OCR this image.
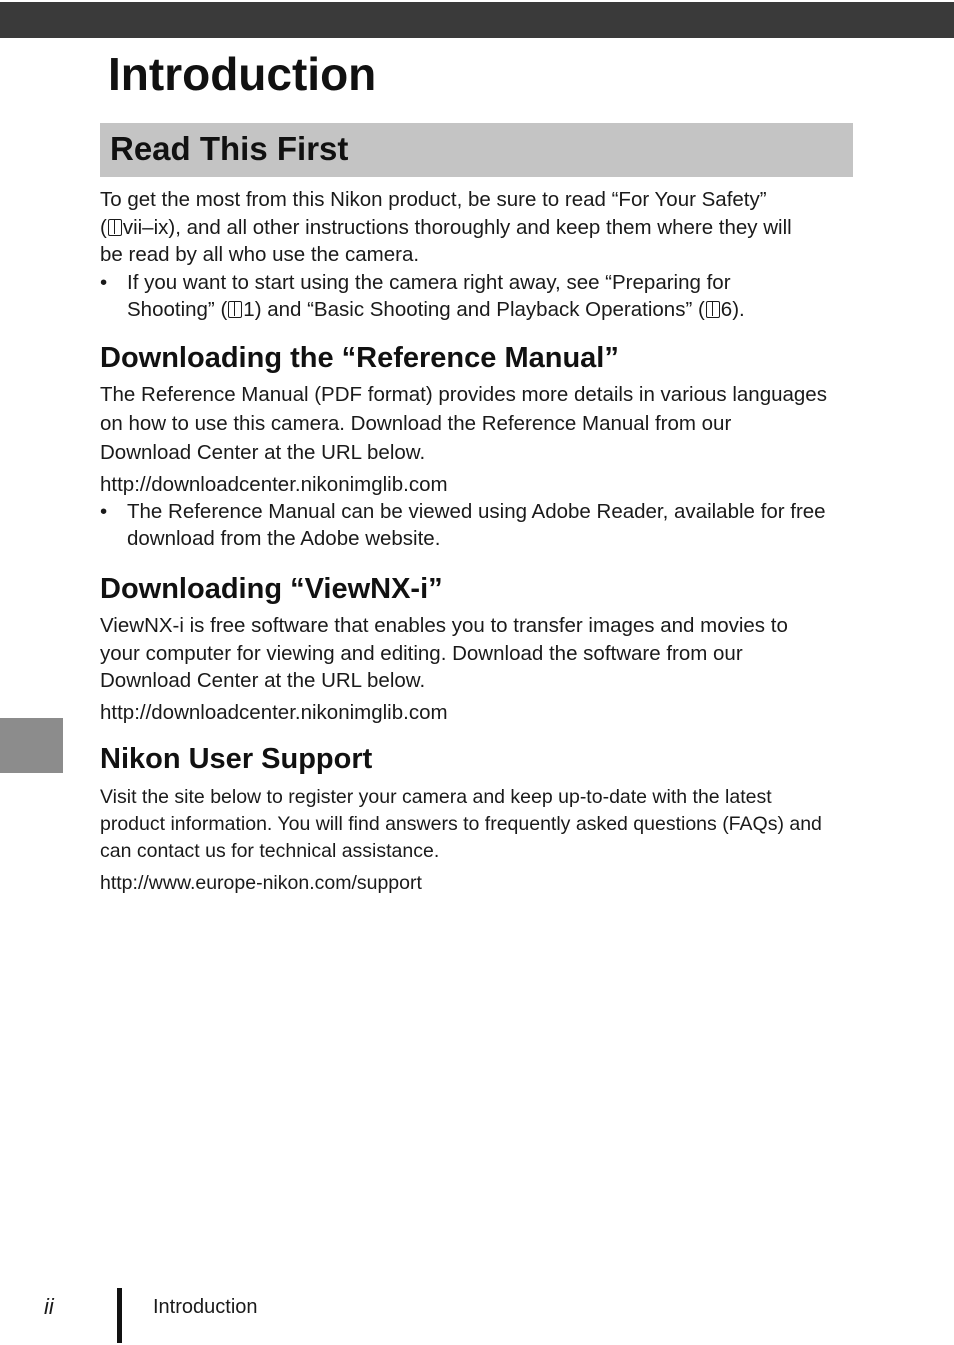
Introduction
Read This First

To get the most from this Nikon product, be sure to read “For Your Safety”
( vii–ix), and all other instructions thoroughly and keep them where they will
be read by all who use the camera.

• If you want to start using the camera right away, see “Preparing for
Shooting” ( 1) and “Basic Shooting and Playback Operations” ( 6).
Downloading the “Reference Manual”

The Reference Manual (PDF format) provides more details in various languages
on how to use this camera. Download the Reference Manual from our
Download Center at the URL below.

http://downloadcenter.nikonimglib.com

• The Reference Manual can be viewed using Adobe Reader, available for free
download from the Adobe website.
Downloading “ViewNX-i”

ViewNX-i is free software that enables you to transfer images and movies to
your computer for viewing and editing. Download the software from our
Download Center at the URL below.

http://downloadcenter.nikonimglib.com

Nikon User Support

Visit the site below to register your camera and keep up-to-date with the latest
product information. You will find answers to frequently asked questions (FAQs) and
can contact us for technical assistance.

http://www.europe-nikon.com/support

ii	Introduction
